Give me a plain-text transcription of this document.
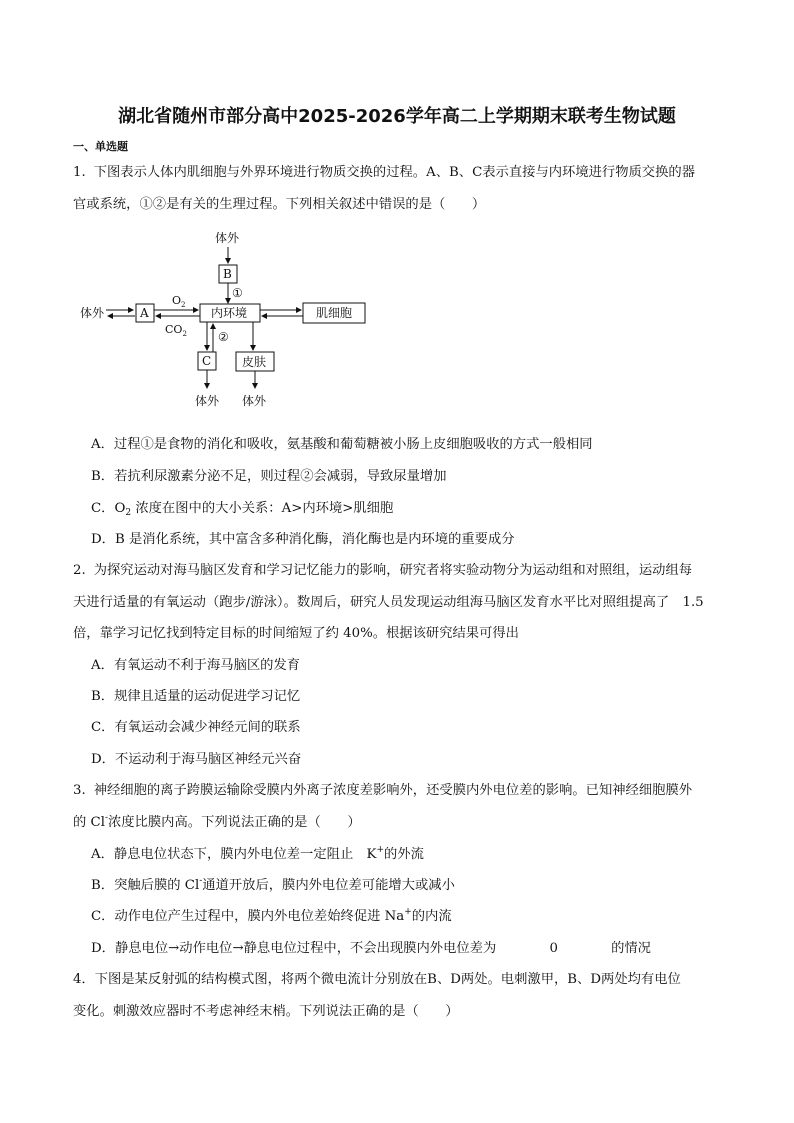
湖北省随州市部分高中2025-2026学年高二上学期期末联考生物试题
一、单选题
1. 下图表示人体内肌细胞与外界环境进行物质交换的过程。A、B、C表示直接与内环境进行物质交换的器
官或系统，①②是有关的生理过程。下列相关叙述中错误的是（　　）
体外
B
①
体外	A
$O_2$
$CO_2$
内环境	肌细胞
②
C	皮肤
体外 体外
A．过程①是食物的消化和吸收，氨基酸和葡萄糖被小肠上皮细胞吸收的方式一般相同
B．若抗利尿激素分泌不足，则过程②会减弱，导致尿量增加
C．$O_2$ 浓度在图中的大小关系：A>内环境>肌细胞
D．B 是消化系统，其中富含多种消化酶，消化酶也是内环境的重要成分
2. 为探究运动对海马脑区发育和学习记忆能力的影响，研究者将实验动物分为运动组和对照组，运动组每
天进行适量的有氧运动（跑步/游泳）。数周后，研究人员发现运动组海马脑区发育水平比对照组提高了　1.5
倍，靠学习记忆找到特定目标的时间缩短了约 40%。根据该研究结果可得出
A．有氧运动不利于海马脑区的发育
B．规律且适量的运动促进学习记忆
C．有氧运动会减少神经元间的联系
D．不运动利于海马脑区神经元兴奋
3. 神经细胞的离子跨膜运输除受膜内外离子浓度差影响外，还受膜内外电位差的影响。已知神经细胞膜外
的 Cl-浓度比膜内高。下列说法正确的是（　　）
A．静息电位状态下，膜内外电位差一定阻止　K+的外流
B．突触后膜的 Cl-通道开放后，膜内外电位差可能增大或减小
C．动作电位产生过程中，膜内外电位差始终促进 Na+的内流
D．静息电位→动作电位→静息电位过程中，不会出现膜内外电位差为　　　　0　　　　的情况
4．下图是某反射弧的结构模式图，将两个微电流计分别放在B、D两处。电刺激甲，B、D两处均有电位
变化。刺激效应器时不考虑神经末梢。下列说法正确的是（　　）
